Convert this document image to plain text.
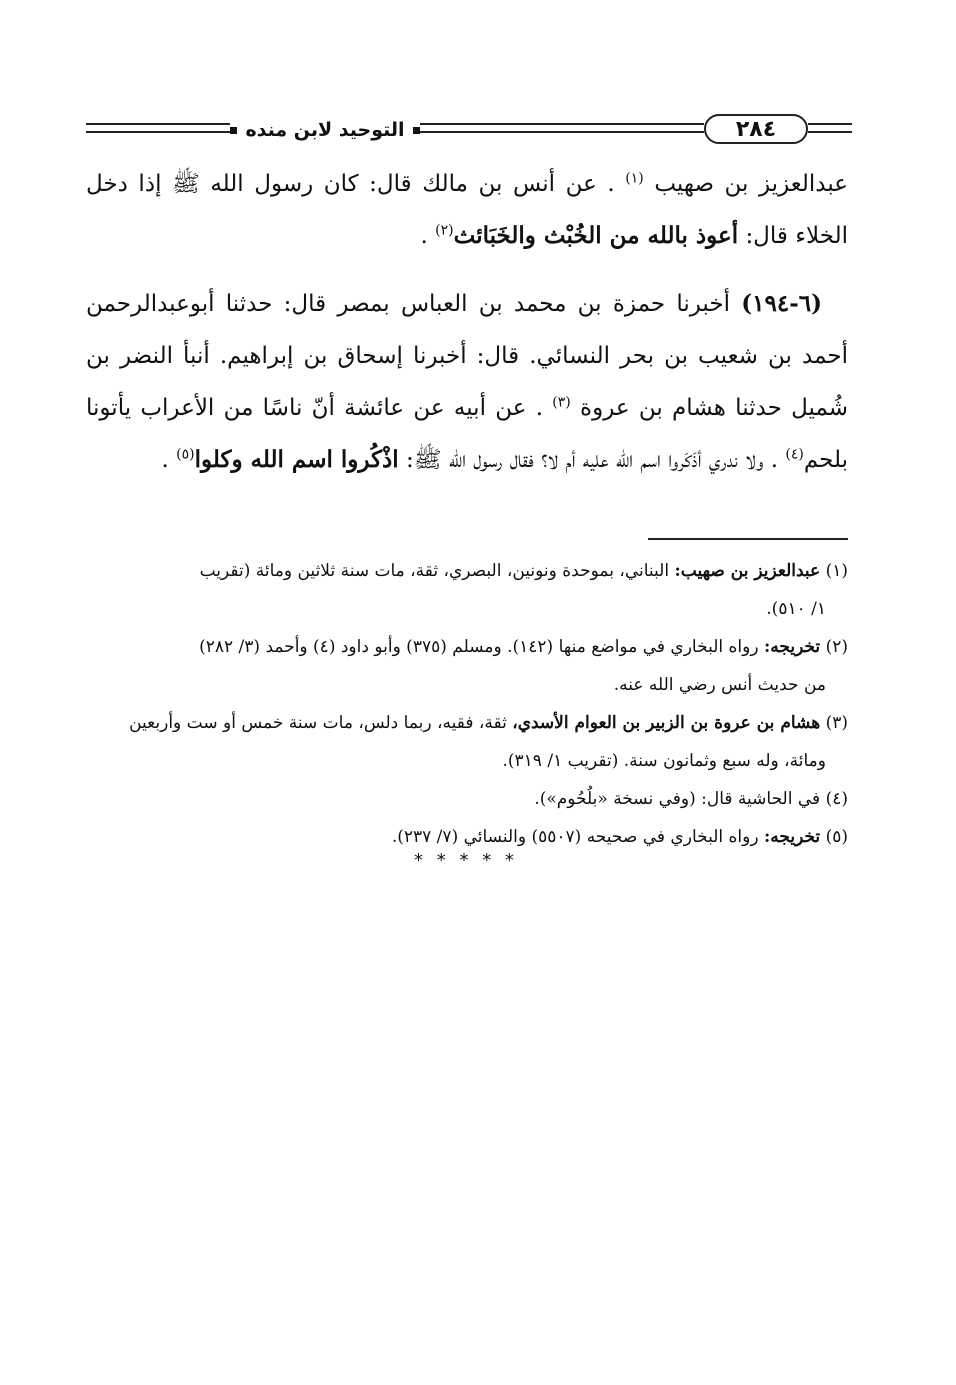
٢٨٤
التوحيد لابن منده

عبدالعزيز بن صهيب $^{(١)}$ . عن أنس بن مالك قال: كان رسول الله ﷺ إذا دخل الخلاء قال: أعوذ بالله من الخُبْث والخَبَائث$^{(٢)}$ .

(٦-١٩٤) أخبرنا حمزة بن محمد بن العباس بمصر قال: حدثنا أبوعبدالرحمن أحمد بن شعيب بن بحر النسائي. قال: أخبرنا إسحاق بن إبراهيم. أنبأ النضر بن شُميل حدثنا هشام بن عروة $^{(٣)}$ . عن أبيه عن عائشة أنّ ناسًا من الأعراب يأتونا بلحم$^{(٤)}$ . ولا ندري أذَكَروا اسم الله عليه أم لا؟ فقال رسول الله ﷺ: اذْكُروا اسم الله وكلوا$^{(٥)}$ .

(١) عبدالعزيز بن صهيب: البناني، بموحدة ونونين، البصري، ثقة، مات سنة ثلاثين ومائة (تقريب

١/ ٥١٠).

(٢) تخريجه: رواه البخاري في مواضع منها (١٤٢). ومسلم (٣٧٥) وأبو داود (٤) وأحمد (٣/ ٢٨٢)

من حديث أنس رضي الله عنه.

(٣) هشام بن عروة بن الزبير بن العوام الأسدي، ثقة، فقيه، ربما دلس، مات سنة خمس أو ست وأربعين

ومائة، وله سبع وثمانون سنة. (تقريب ١/ ٣١٩).

(٤) في الحاشية قال: (وفي نسخة «بلُحُوم»).

(٥) تخريجه: رواه البخاري في صحيحه (٥٥٠٧) والنسائي (٧/ ٢٣٧).

* * * * *
